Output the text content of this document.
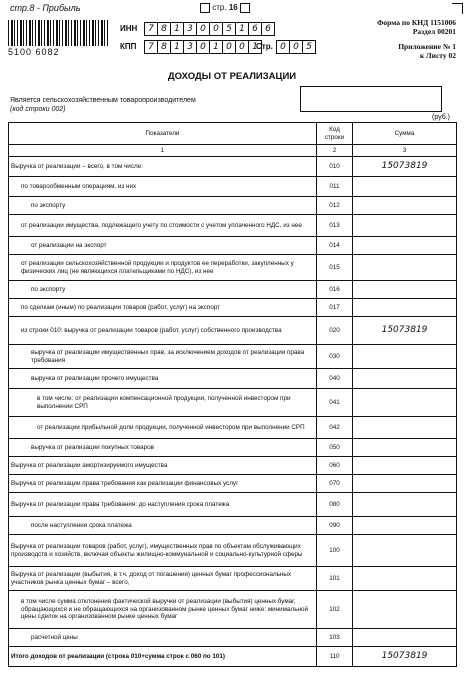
стр.8 - Прибыль	стр. 16
5100 6082
ИНН	7 8 1 3 0 0 5 1 6 6
КПП	7 8 1 3 0 1 0 0 1
Стр. 0 0 5
Форма по КНД 1151006
Раздел 00201
Приложение № 1
к Листу 02
ДОХОДЫ ОТ РЕАЛИЗАЦИИ
Является сельскохозяйственным товаропроизводителем
(код строки 002)
(руб.)
Показатели	Код строки	Сумма
1	2	3
Выручка от реализации – всего, в том числе:	010	15073819
по товарообменным операциям, из них	011	
по экспорту	012	
от реализации имущества, подлежащего учету по стоимости с учетом уплаченного НДС, из нее	013	
от реализации на экспорт	014	
от реализации сельскохозяйственной продукции и продуктов ее переработки, закупленных у физических лиц (не являющихся плательщиками по НДС), из нее	015	
по экспорту	016	
по сделкам (иным) по реализации товаров (работ, услуг) на экспорт	017	
из строки 010: выручка от реализации товаров (работ, услуг) собственного производства	020	15073819
выручка от реализации имущественных прав, за исключением доходов от реализации права требования	030	
выручка от реализации прочего имущества	040	
в том числе: от реализации компенсационной продукции, полученной инвестором при выполнении СРП	041	
от реализации прибыльной доли продукции, полученной инвестором при выполнении СРП	042	
выручка от реализации покупных товаров	050	
Выручка от реализации амортизируемого имущества	060	
Выручка от реализации права требования как реализации финансовых услуг	070	
Выручка от реализации права требования: до наступления срока платежа	080	
после наступления срока платежа	090	
Выручка от реализации товаров (работ, услуг), имущественных прав по объектам обслуживающих производств и хозяйств, включая объекты жилищно-коммунальной и социально-культурной сферы	100	
Выручка от реализации (выбытия, в т.ч. доход от погашения) ценных бумаг профессиональных участников рынка ценных бумаг – всего,	101	
в том числе сумма отклонения фактической выручки от реализации (выбытия) ценных бумаг, обращающихся и не обращающихся на организованном рынке ценных бумаг ниже: минимальной цены сделок на организованном рынке ценных бумаг	102	
расчетной цены	103	
Итого доходов от реализации (строка 010+сумма строк с 060 по 101)	110	15073819
